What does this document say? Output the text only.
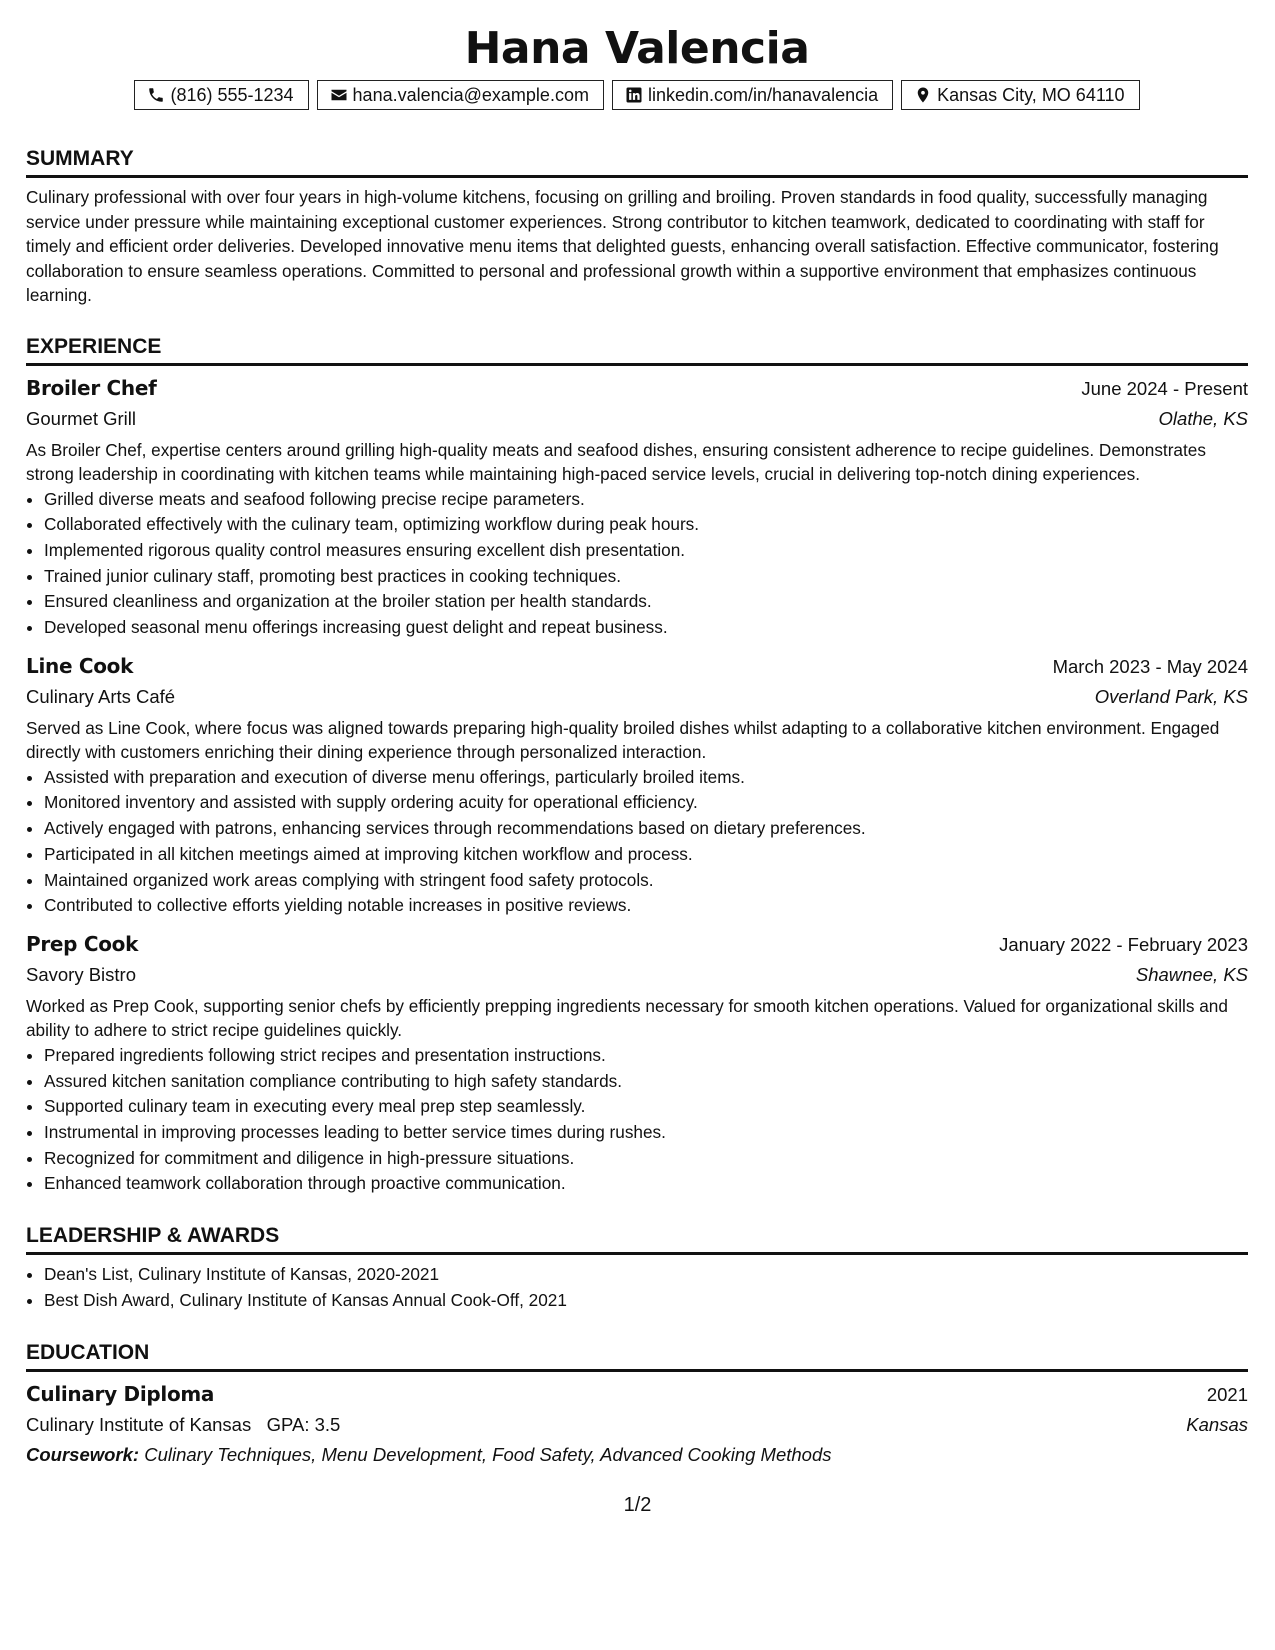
Hana Valencia
(816) 555-1234	hana.valencia@example.com	linkedin.com/in/hanavalencia	Kansas City, MO 64110
SUMMARY

Culinary professional with over four years in high-volume kitchens, focusing on grilling and broiling. Proven standards in food quality, successfully managing service under pressure while maintaining exceptional customer experiences. Strong contributor to kitchen teamwork, dedicated to coordinating with staff for timely and efficient order deliveries. Developed innovative menu items that delighted guests, enhancing overall satisfaction. Effective communicator, fostering collaboration to ensure seamless operations. Committed to personal and professional growth within a supportive environment that emphasizes continuous learning.

EXPERIENCE
Broiler Chef	June 2024 - Present
Gourmet Grill	Olathe, KS

As Broiler Chef, expertise centers around grilling high-quality meats and seafood dishes, ensuring consistent adherence to recipe guidelines. Demonstrates strong leadership in coordinating with kitchen teams while maintaining high-paced service levels, crucial in delivering top-notch dining experiences.

• Grilled diverse meats and seafood following precise recipe parameters.
• Collaborated effectively with the culinary team, optimizing workflow during peak hours.
• Implemented rigorous quality control measures ensuring excellent dish presentation.
• Trained junior culinary staff, promoting best practices in cooking techniques.
• Ensured cleanliness and organization at the broiler station per health standards.
• Developed seasonal menu offerings increasing guest delight and repeat business.
Line Cook	March 2023 - May 2024
Culinary Arts Café	Overland Park, KS

Served as Line Cook, where focus was aligned towards preparing high-quality broiled dishes whilst adapting to a collaborative kitchen environment. Engaged directly with customers enriching their dining experience through personalized interaction.

• Assisted with preparation and execution of diverse menu offerings, particularly broiled items.
• Monitored inventory and assisted with supply ordering acuity for operational efficiency.
• Actively engaged with patrons, enhancing services through recommendations based on dietary preferences.
• Participated in all kitchen meetings aimed at improving kitchen workflow and process.
• Maintained organized work areas complying with stringent food safety protocols.
• Contributed to collective efforts yielding notable increases in positive reviews.
Prep Cook	January 2022 - February 2023
Savory Bistro	Shawnee, KS

Worked as Prep Cook, supporting senior chefs by efficiently prepping ingredients necessary for smooth kitchen operations. Valued for organizational skills and ability to adhere to strict recipe guidelines quickly.

• Prepared ingredients following strict recipes and presentation instructions.
• Assured kitchen sanitation compliance contributing to high safety standards.
• Supported culinary team in executing every meal prep step seamlessly.
• Instrumental in improving processes leading to better service times during rushes.
• Recognized for commitment and diligence in high-pressure situations.
• Enhanced teamwork collaboration through proactive communication.
LEADERSHIP & AWARDS
• Dean's List, Culinary Institute of Kansas, 2020-2021
• Best Dish Award, Culinary Institute of Kansas Annual Cook-Off, 2021
EDUCATION
Culinary Diploma	2021
Culinary Institute of Kansas GPA: 3.5	Kansas
Coursework: Culinary Techniques, Menu Development, Food Safety, Advanced Cooking Methods
1/2
